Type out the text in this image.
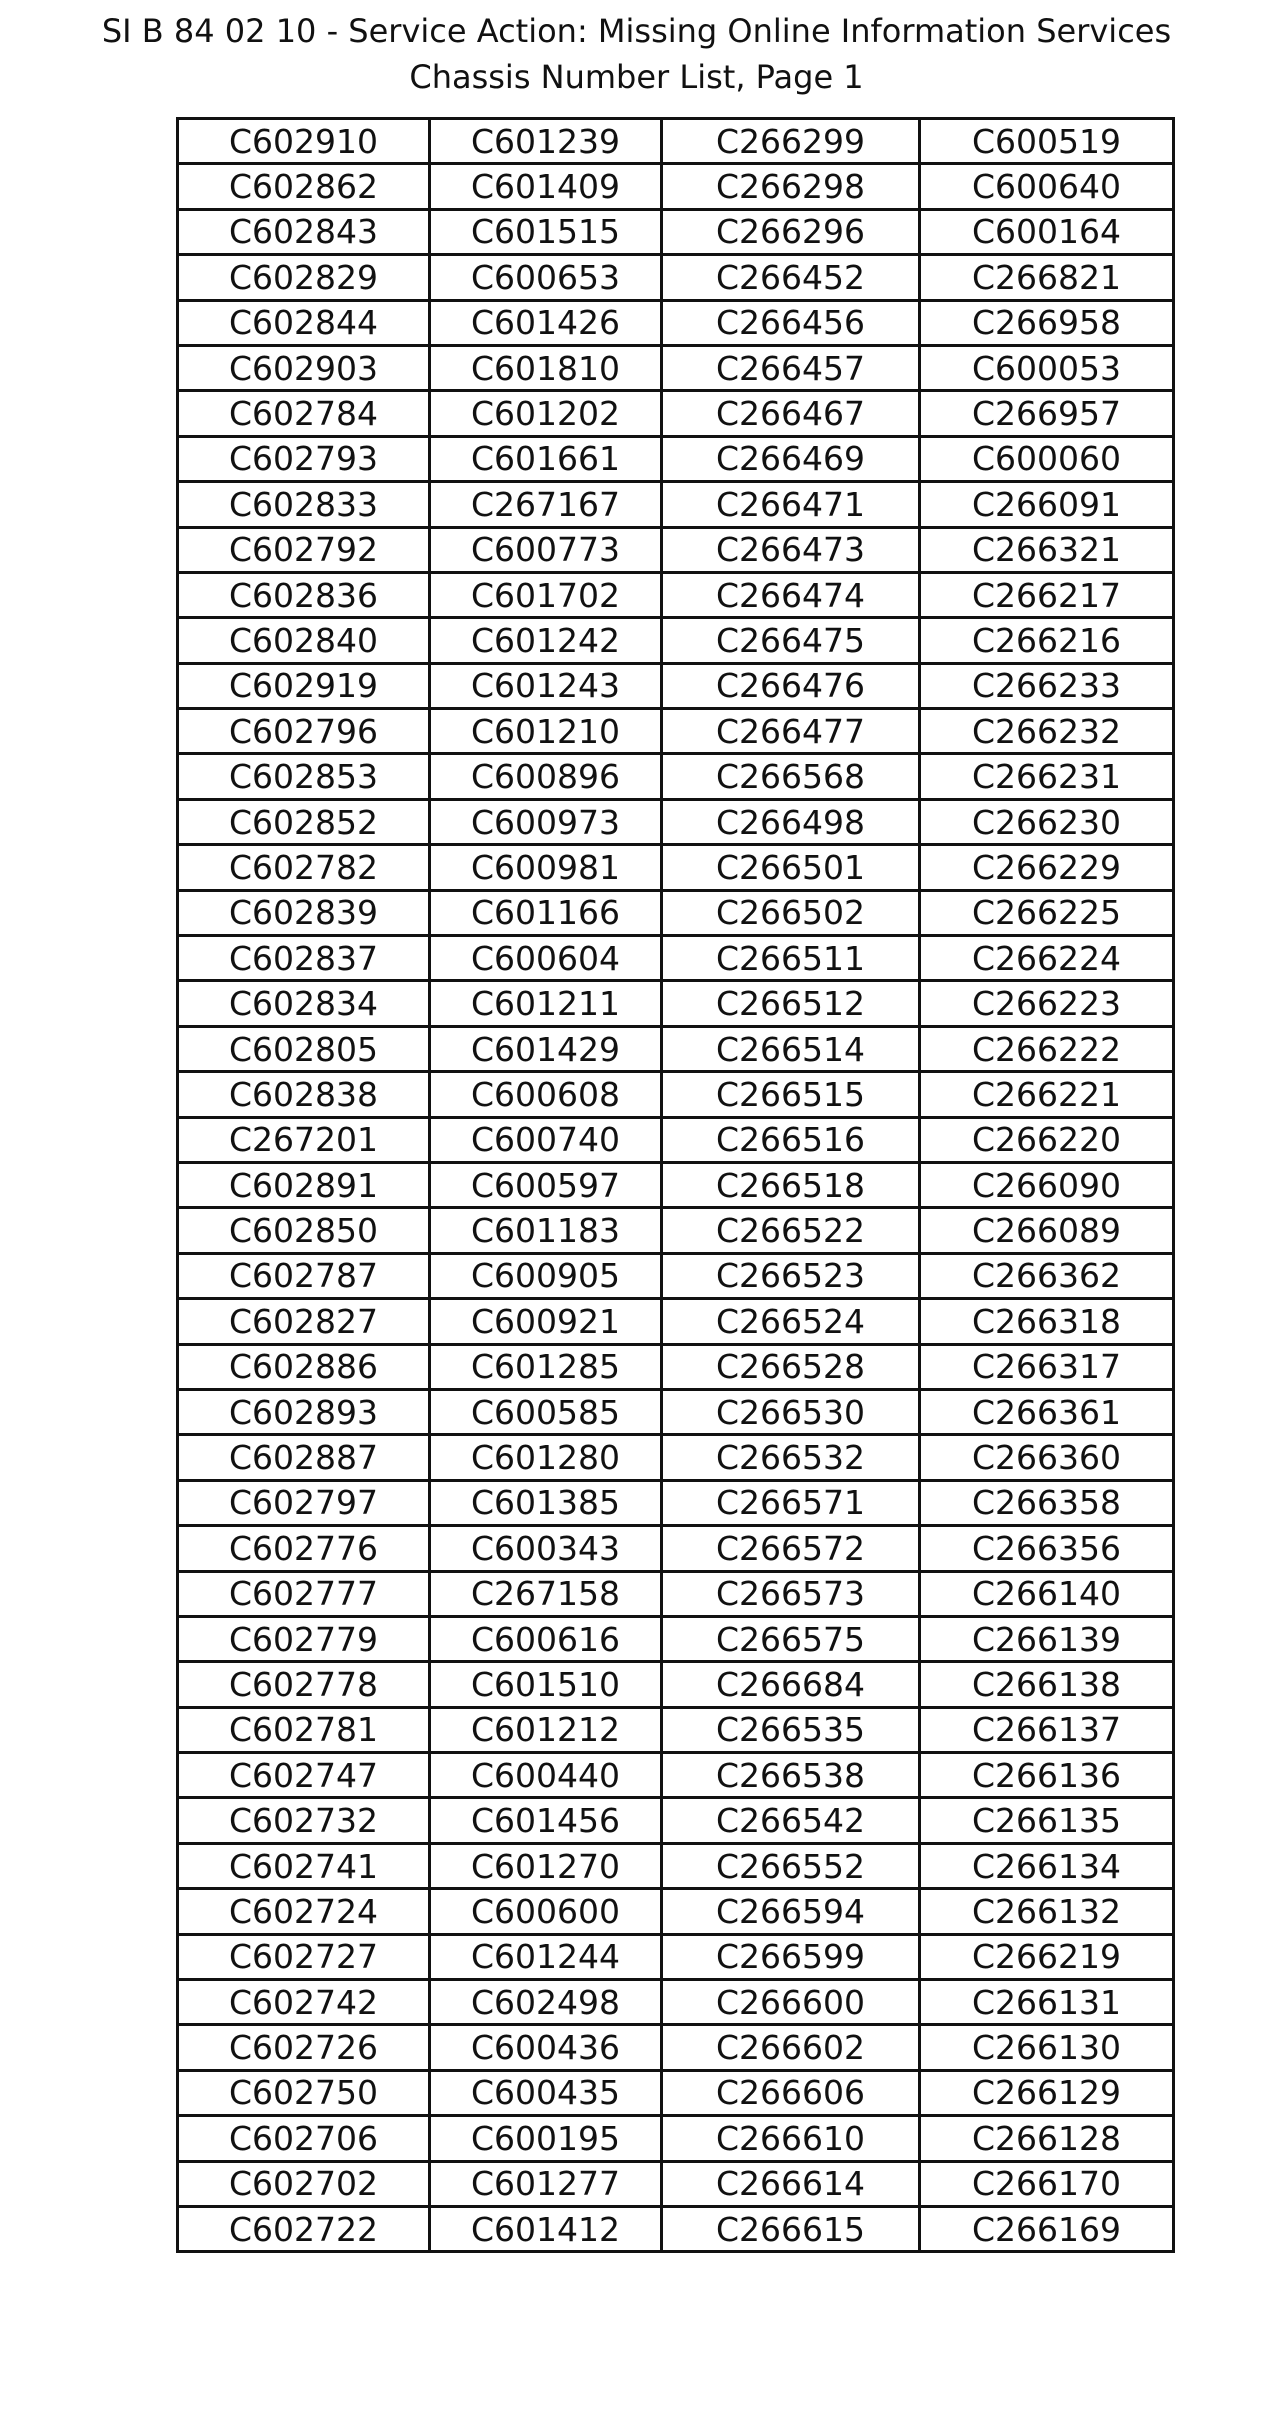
SI B 84 02 10 - Service Action: Missing Online Information Services
Chassis Number List, Page 1
C602910	C601239	C266299	C600519
C602862	C601409	C266298	C600640
C602843	C601515	C266296	C600164
C602829	C600653	C266452	C266821
C602844	C601426	C266456	C266958
C602903	C601810	C266457	C600053
C602784	C601202	C266467	C266957
C602793	C601661	C266469	C600060
C602833	C267167	C266471	C266091
C602792	C600773	C266473	C266321
C602836	C601702	C266474	C266217
C602840	C601242	C266475	C266216
C602919	C601243	C266476	C266233
C602796	C601210	C266477	C266232
C602853	C600896	C266568	C266231
C602852	C600973	C266498	C266230
C602782	C600981	C266501	C266229
C602839	C601166	C266502	C266225
C602837	C600604	C266511	C266224
C602834	C601211	C266512	C266223
C602805	C601429	C266514	C266222
C602838	C600608	C266515	C266221
C267201	C600740	C266516	C266220
C602891	C600597	C266518	C266090
C602850	C601183	C266522	C266089
C602787	C600905	C266523	C266362
C602827	C600921	C266524	C266318
C602886	C601285	C266528	C266317
C602893	C600585	C266530	C266361
C602887	C601280	C266532	C266360
C602797	C601385	C266571	C266358
C602776	C600343	C266572	C266356
C602777	C267158	C266573	C266140
C602779	C600616	C266575	C266139
C602778	C601510	C266684	C266138
C602781	C601212	C266535	C266137
C602747	C600440	C266538	C266136
C602732	C601456	C266542	C266135
C602741	C601270	C266552	C266134
C602724	C600600	C266594	C266132
C602727	C601244	C266599	C266219
C602742	C602498	C266600	C266131
C602726	C600436	C266602	C266130
C602750	C600435	C266606	C266129
C602706	C600195	C266610	C266128
C602702	C601277	C266614	C266170
C602722	C601412	C266615	C266169
